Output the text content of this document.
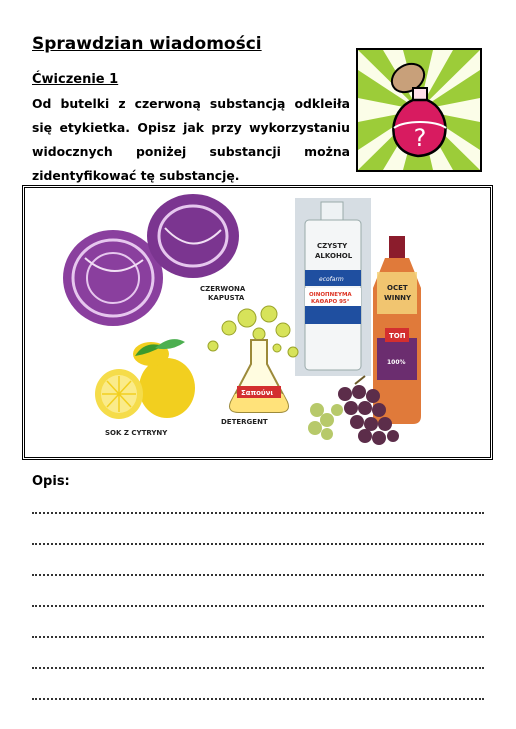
Sprawdzian wiadomości
Ćwiczenie 1
Od butelki z czerwoną substancją odkleiła się etykietka. Opisz jak przy wykorzystaniu widocznych poniżej substancji można zidentyfikować tę substancję.
?
CZERWONA
KAPUSTA
CZYSTY
ALKOHOL
ecofarm
OINOΠNEYMA
ΚΑΘΑΡΟ 95°
OCET
WINNY
TOП
100%
SOK Z CYTRYNY
Σαπούνι
DETERGENT
Opis:
